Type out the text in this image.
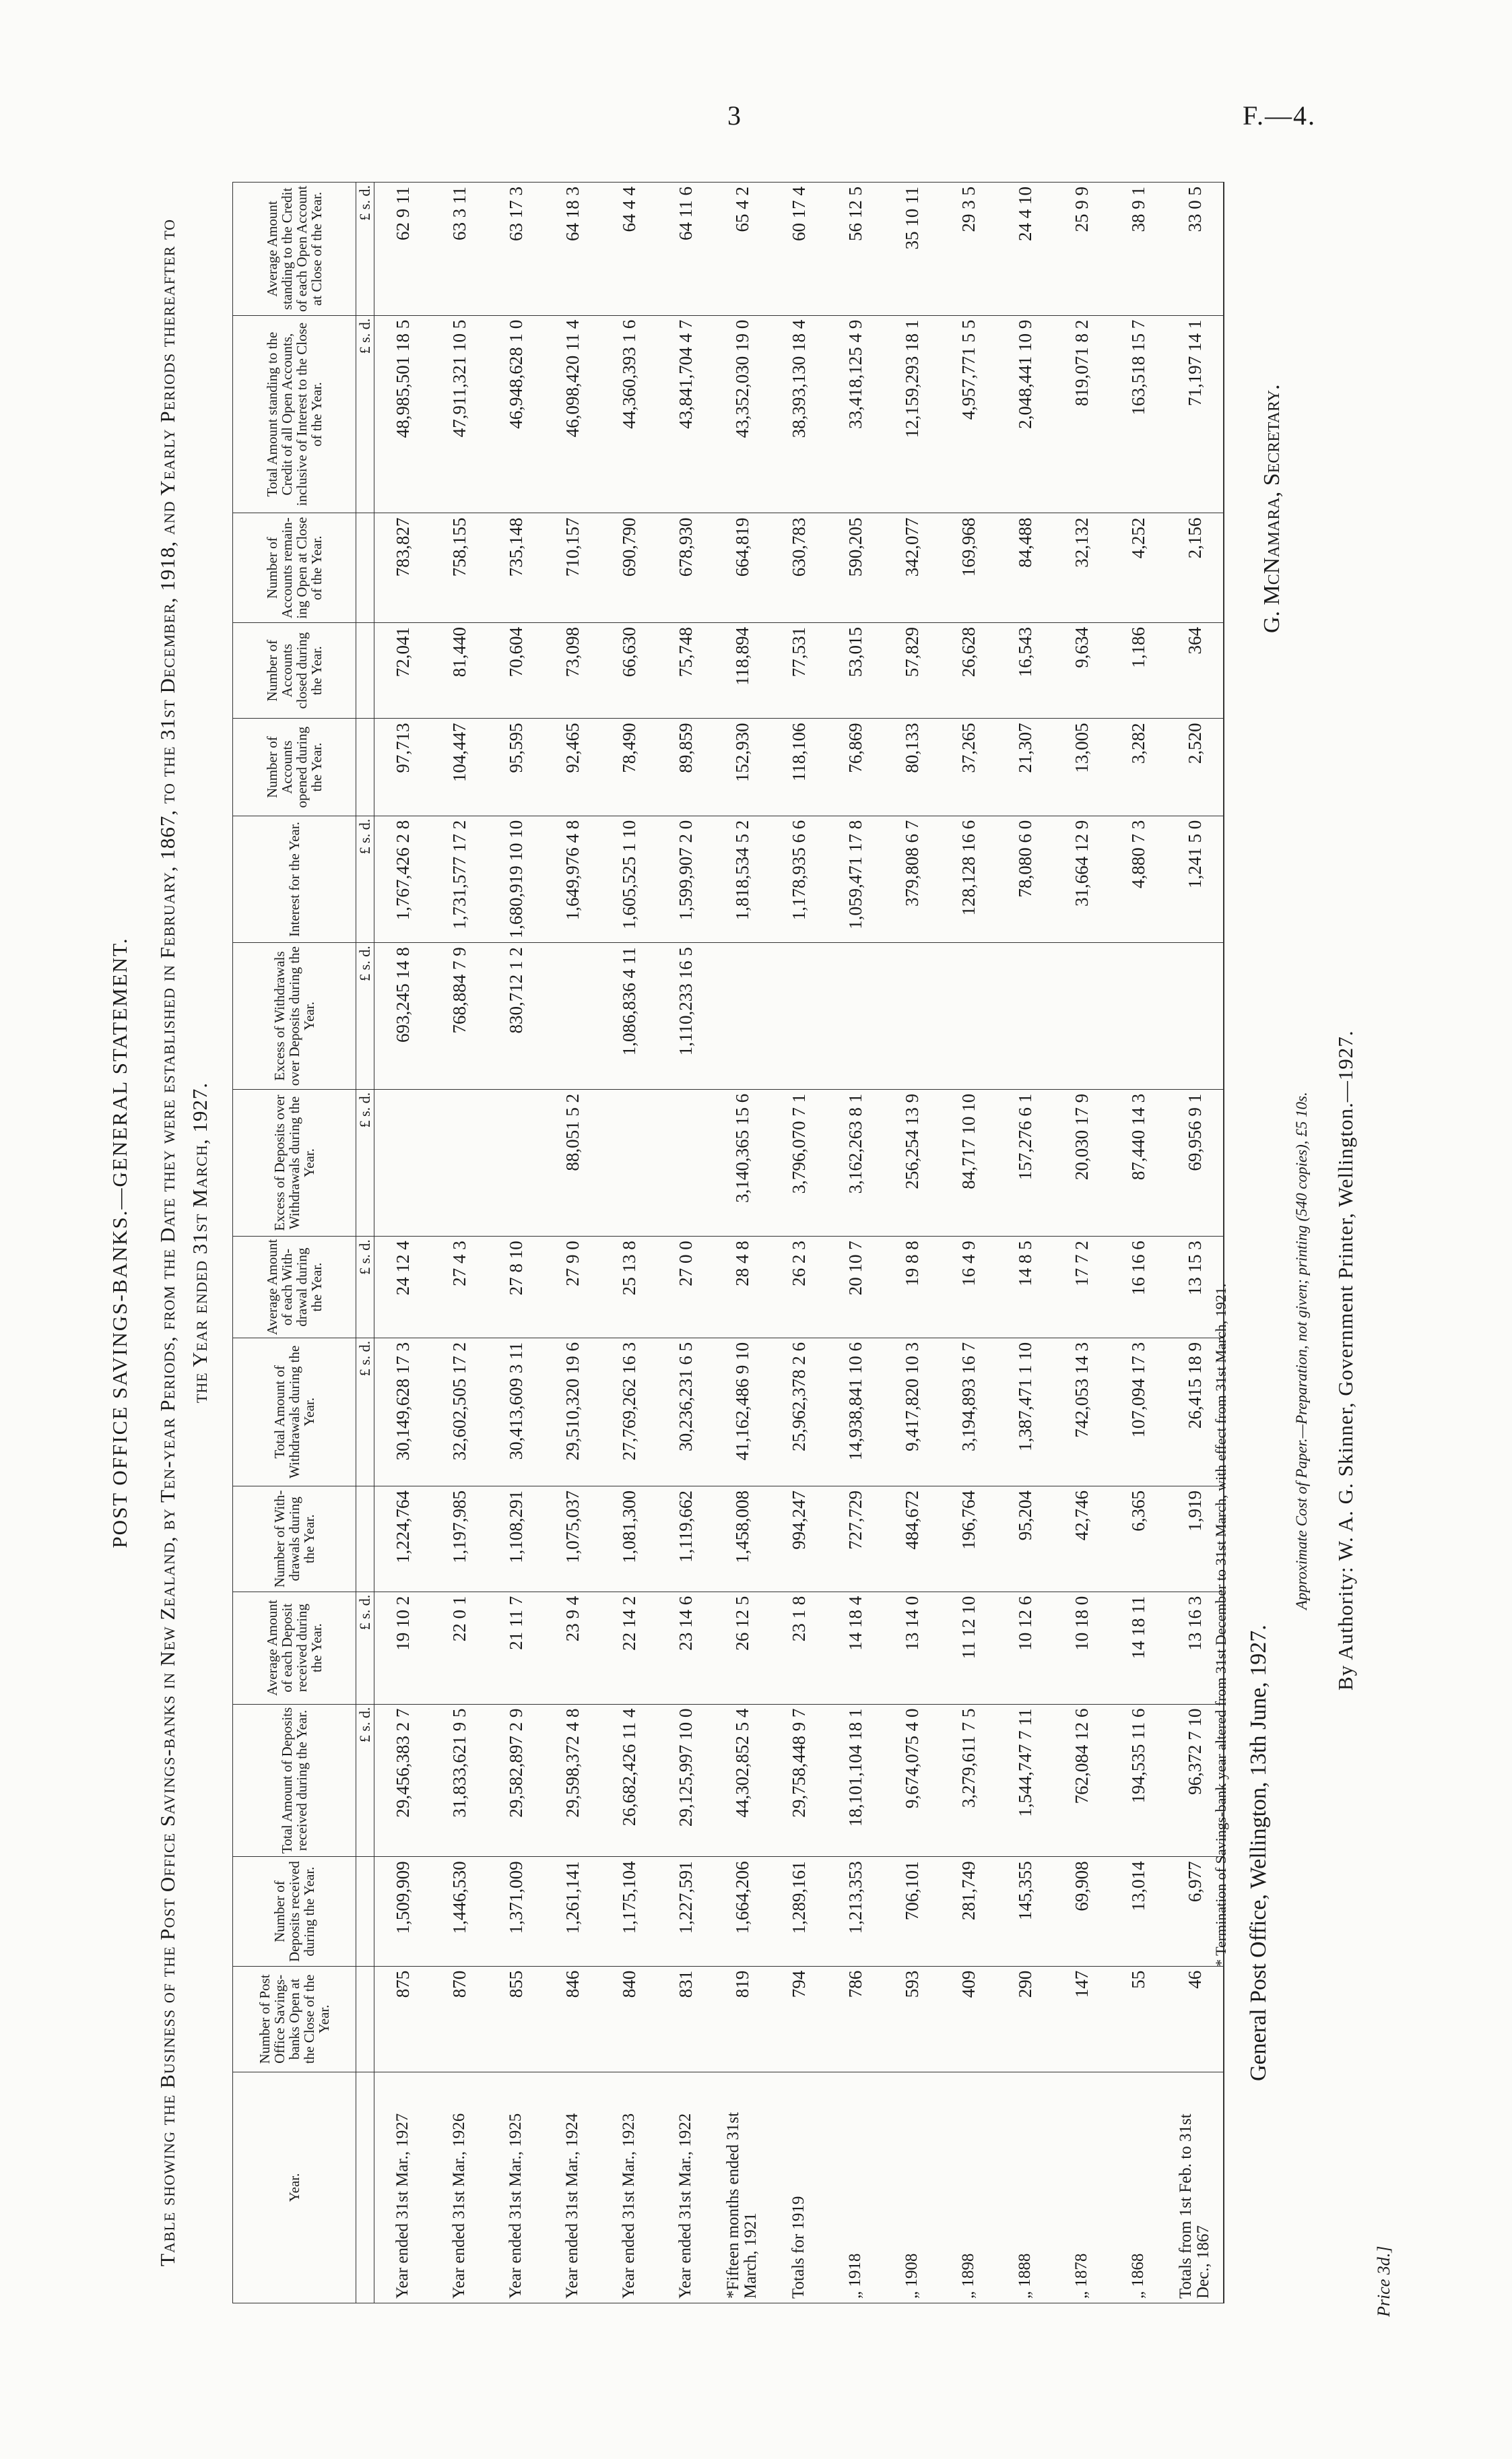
3	F.—4.
POST OFFICE SAVINGS-BANKS.—GENERAL STATEMENT. Table showing the Business of the Post Office Savings-banks in New Zealand, by Ten-year Periods, from the Date they were established in February, 1867, to the 31st December, 1918, and Yearly Periods thereafter to the Year ended 31st March, 1927.
Year.	Number of Post Office Savings-banks Open at the Close of the Year.	Number of Deposits received during the Year.	Total Amount of Deposits received during the Year.	Average Amount of each Deposit received during the Year.	Number of With-drawals during the Year.	Total Amount of Withdrawals during the Year.	Average Amount of each With-drawal during the Year.	Excess of Deposits over Withdrawals during the Year.	Excess of Withdrawals over Deposits during the Year.	Interest for the Year.	Number of Accounts opened during the Year.	Number of Accounts closed during the Year.	Number of Accounts remain-ing Open at Close of the Year.	Total Amount standing to the Credit of all Open Accounts, inclusive of Interest to the Close of the Year.	Average Amount standing to the Credit of each Open Account at Close of the Year.
			£ s. d.	£ s. d.		£ s. d.	£ s. d.	£ s. d.	£ s. d.	£ s. d.				£ s. d.	£ s. d.
Year ended 31st Mar., 1927	875	1,509,909	29,456,383 2 7	19 10 2	1,224,764	30,149,628 17 3	24 12 4		693,245 14 8	1,767,426 2 8	97,713	72,041	783,827	48,985,501 18 5	62 9 11
Year ended 31st Mar., 1926	870	1,446,530	31,833,621 9 5	22 0 1	1,197,985	32,602,505 17 2	27 4 3		768,884 7 9	1,731,577 17 2	104,447	81,440	758,155	47,911,321 10 5	63 3 11
Year ended 31st Mar., 1925	855	1,371,009	29,582,897 2 9	21 11 7	1,108,291	30,413,609 3 11	27 8 10		830,712 1 2	1,680,919 10 10	95,595	70,604	735,148	46,948,628 1 0	63 17 3
Year ended 31st Mar., 1924	846	1,261,141	29,598,372 4 8	23 9 4	1,075,037	29,510,320 19 6	27 9 0	88,051 5 2		1,649,976 4 8	92,465	73,098	710,157	46,098,420 11 4	64 18 3
Year ended 31st Mar., 1923	840	1,175,104	26,682,426 11 4	22 14 2	1,081,300	27,769,262 16 3	25 13 8		1,086,836 4 11	1,605,525 1 10	78,490	66,630	690,790	44,360,393 1 6	64 4 4
Year ended 31st Mar., 1922	831	1,227,591	29,125,997 10 0	23 14 6	1,119,662	30,236,231 6 5	27 0 0		1,110,233 16 5	1,599,907 2 0	89,859	75,748	678,930	43,841,704 4 7	64 11 6
*Fifteen months ended 31st March, 1921	819	1,664,206	44,302,852 5 4	26 12 5	1,458,008	41,162,486 9 10	28 4 8	3,140,365 15 6		1,818,534 5 2	152,930	118,894	664,819	43,352,030 19 0	65 4 2
Totals for 1919	794	1,289,161	29,758,448 9 7	23 1 8	994,247	25,962,378 2 6	26 2 3	3,796,070 7 1		1,178,935 6 6	118,106	77,531	630,783	38,393,130 18 4	60 17 4
„ 1918	786	1,213,353	18,101,104 18 1	14 18 4	727,729	14,938,841 10 6	20 10 7	3,162,263 8 1		1,059,471 17 8	76,869	53,015	590,205	33,418,125 4 9	56 12 5
„ 1908	593	706,101	9,674,075 4 0	13 14 0	484,672	9,417,820 10 3	19 8 8	256,254 13 9		379,808 6 7	80,133	57,829	342,077	12,159,293 18 1	35 10 11
„ 1898	409	281,749	3,279,611 7 5	11 12 10	196,764	3,194,893 16 7	16 4 9	84,717 10 10		128,128 16 6	37,265	26,628	169,968	4,957,771 5 5	29 3 5
„ 1888	290	145,355	1,544,747 7 11	10 12 6	95,204	1,387,471 1 10	14 8 5	157,276 6 1		78,080 6 0	21,307	16,543	84,488	2,048,441 10 9	24 4 10
„ 1878	147	69,908	762,084 12 6	10 18 0	42,746	742,053 14 3	17 7 2	20,030 17 9		31,664 12 9	13,005	9,634	32,132	819,071 8 2	25 9 9
„ 1868	55	13,014	194,535 11 6	14 18 11	6,365	107,094 17 3	16 16 6	87,440 14 3		4,880 7 3	3,282	1,186	4,252	163,518 15 7	38 9 1
Totals from 1st Feb. to 31st Dec., 1867	46	6,977	96,372 7 10	13 16 3	1,919	26,415 18 9	13 15 3	69,956 9 1		1,241 5 0	2,520	364	2,156	71,197 14 1	33 0 5
* Termination of Savings-bank year altered from 31st December to 31st March, with effect from 31st March, 1921. General Post Office, Wellington, 13th June, 1927.
G. McNamara, Secretary.
Approximate Cost of Paper.—Preparation, not given; printing (540 copies), £5 10s. By Authority: W. A. G. Skinner, Government Printer, Wellington.—1927.
Price 3d.]
